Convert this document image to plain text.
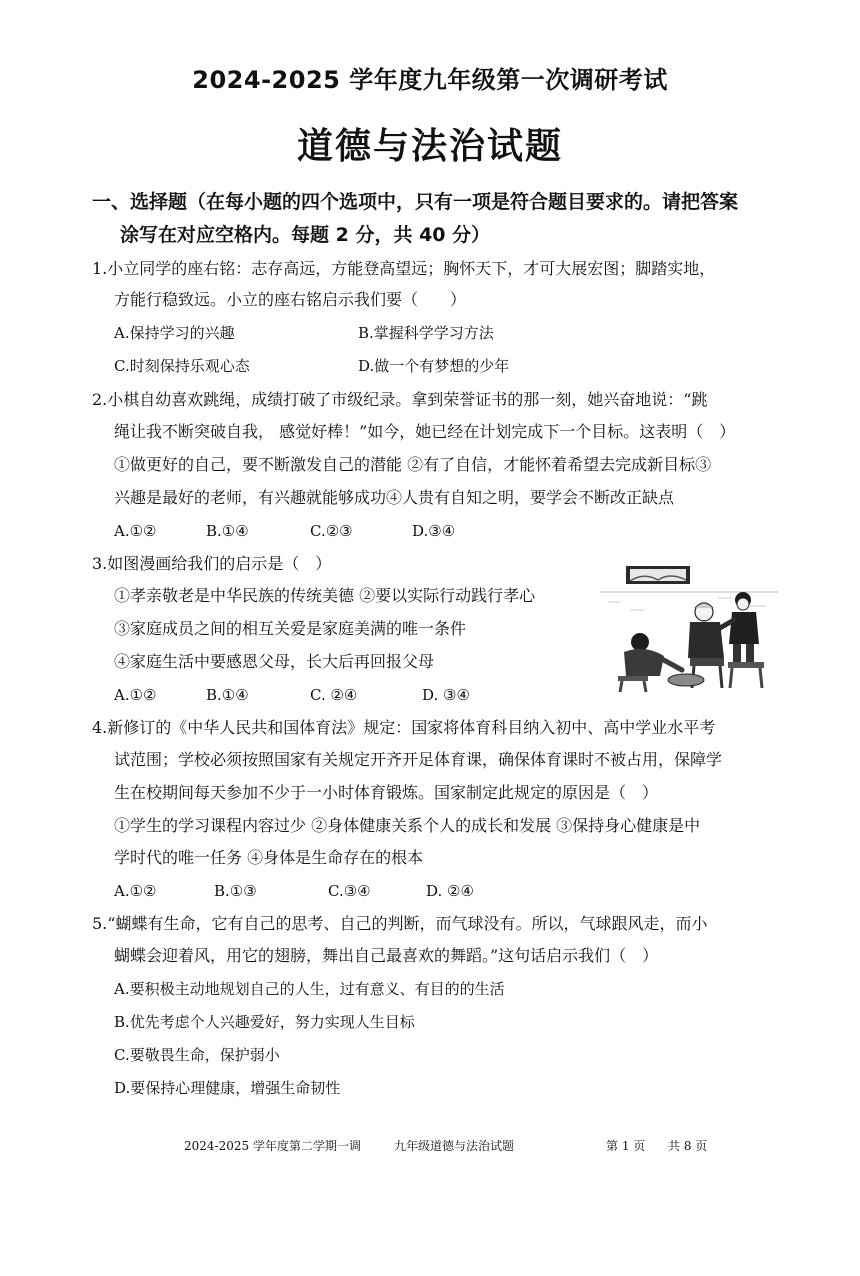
2024-2025 学年度九年级第一次调研考试
道德与法治试题
一、选择题（在每小题的四个选项中，只有一项是符合题目要求的。请把答案
涂写在对应空格内。每题 2 分，共 40 分）
1.小立同学的座右铭：志存高远，方能登高望远；胸怀天下，才可大展宏图；脚踏实地，
方能行稳致远。小立的座右铭启示我们要（　　）
A.保持学习的兴趣	B.掌握科学学习方法
C.时刻保持乐观心态	D.做一个有梦想的少年
2.小棋自幼喜欢跳绳，成绩打破了市级纪录。拿到荣誉证书的那一刻，她兴奋地说：“跳
绳让我不断突破自我， 感觉好棒！”如今，她已经在计划完成下一个目标。这表明（　）
①做更好的自己，要不断激发自己的潜能 ②有了自信，才能怀着希望去完成新目标③
兴趣是最好的老师，有兴趣就能够成功④人贵有自知之明，要学会不断改正缺点
A.①②	B.①④	C.②③	D.③④
3.如图漫画给我们的启示是（　）
①孝亲敬老是中华民族的传统美德 ②要以实际行动践行孝心
③家庭成员之间的相互关爱是家庭美满的唯一条件
④家庭生活中要感恩父母，长大后再回报父母
A.①②	B.①④	C. ②④	D. ③④
4.新修订的《中华人民共和国体育法》规定：国家将体育科目纳入初中、高中学业水平考
试范围；学校必须按照国家有关规定开齐开足体育课，确保体育课时不被占用，保障学
生在校期间每天参加不少于一小时体育锻炼。国家制定此规定的原因是（　）
①学生的学习课程内容过少 ②身体健康关系个人的成长和发展 ③保持身心健康是中
学时代的唯一任务 ④身体是生命存在的根本
A.①②	B.①③	C.③④	D. ②④
5.“蝴蝶有生命，它有自己的思考、自己的判断，而气球没有。所以，气球跟风走，而小
蝴蝶会迎着风，用它的翅膀，舞出自己最喜欢的舞蹈。”这句话启示我们（　）
A.要积极主动地规划自己的人生，过有意义、有目的的生活
B.优先考虑个人兴趣爱好，努力实现人生目标
C.要敬畏生命，保护弱小
D.要保持心理健康，增强生命韧性
2024-2025 学年度第二学期一调	九年级道德与法治试题	第 1 页 共 8 页
